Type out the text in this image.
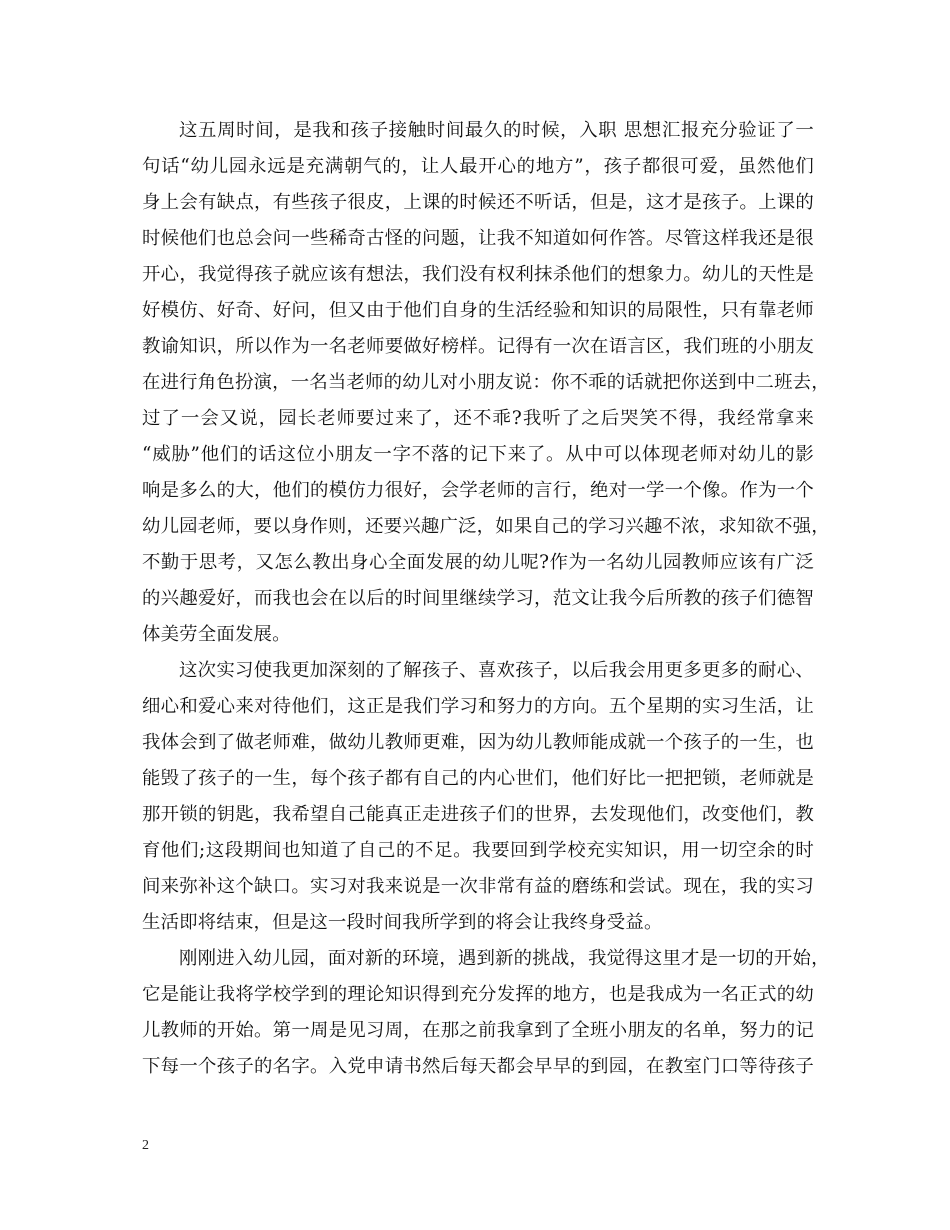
这五周时间，是我和孩子接触时间最久的时候，入职 思想汇报充分验证了一
句话“幼儿园永远是充满朝气的，让人最开心的地方”，孩子都很可爱，虽然他们
身上会有缺点，有些孩子很皮，上课的时候还不听话，但是，这才是孩子。上课的
时候他们也总会问一些稀奇古怪的问题，让我不知道如何作答。尽管这样我还是很
开心，我觉得孩子就应该有想法，我们没有权利抹杀他们的想象力。幼儿的天性是
好模仿、好奇、好问，但又由于他们自身的生活经验和知识的局限性，只有靠老师
教谕知识，所以作为一名老师要做好榜样。记得有一次在语言区，我们班的小朋友
在进行角色扮演，一名当老师的幼儿对小朋友说：你不乖的话就把你送到中二班去，
过了一会又说，园长老师要过来了，还不乖?我听了之后哭笑不得，我经常拿来
“威胁”他们的话这位小朋友一字不落的记下来了。从中可以体现老师对幼儿的影
响是多么的大，他们的模仿力很好，会学老师的言行，绝对一学一个像。作为一个
幼儿园老师，要以身作则，还要兴趣广泛，如果自己的学习兴趣不浓，求知欲不强，
不勤于思考，又怎么教出身心全面发展的幼儿呢?作为一名幼儿园教师应该有广泛
的兴趣爱好，而我也会在以后的时间里继续学习，范文让我今后所教的孩子们德智
体美劳全面发展。
这次实习使我更加深刻的了解孩子、喜欢孩子，以后我会用更多更多的耐心、
细心和爱心来对待他们，这正是我们学习和努力的方向。五个星期的实习生活，让
我体会到了做老师难，做幼儿教师更难，因为幼儿教师能成就一个孩子的一生，也
能毁了孩子的一生，每个孩子都有自己的内心世们，他们好比一把把锁，老师就是
那开锁的钥匙，我希望自己能真正走进孩子们的世界，去发现他们，改变他们，教
育他们;这段期间也知道了自己的不足。我要回到学校充实知识，用一切空余的时
间来弥补这个缺口。实习对我来说是一次非常有益的磨练和尝试。现在，我的实习
生活即将结束，但是这一段时间我所学到的将会让我终身受益。
刚刚进入幼儿园，面对新的环境，遇到新的挑战，我觉得这里才是一切的开始，
它是能让我将学校学到的理论知识得到充分发挥的地方，也是我成为一名正式的幼
儿教师的开始。第一周是见习周，在那之前我拿到了全班小朋友的名单，努力的记
下每一个孩子的名字。入党申请书然后每天都会早早的到园，在教室门口等待孩子
2
